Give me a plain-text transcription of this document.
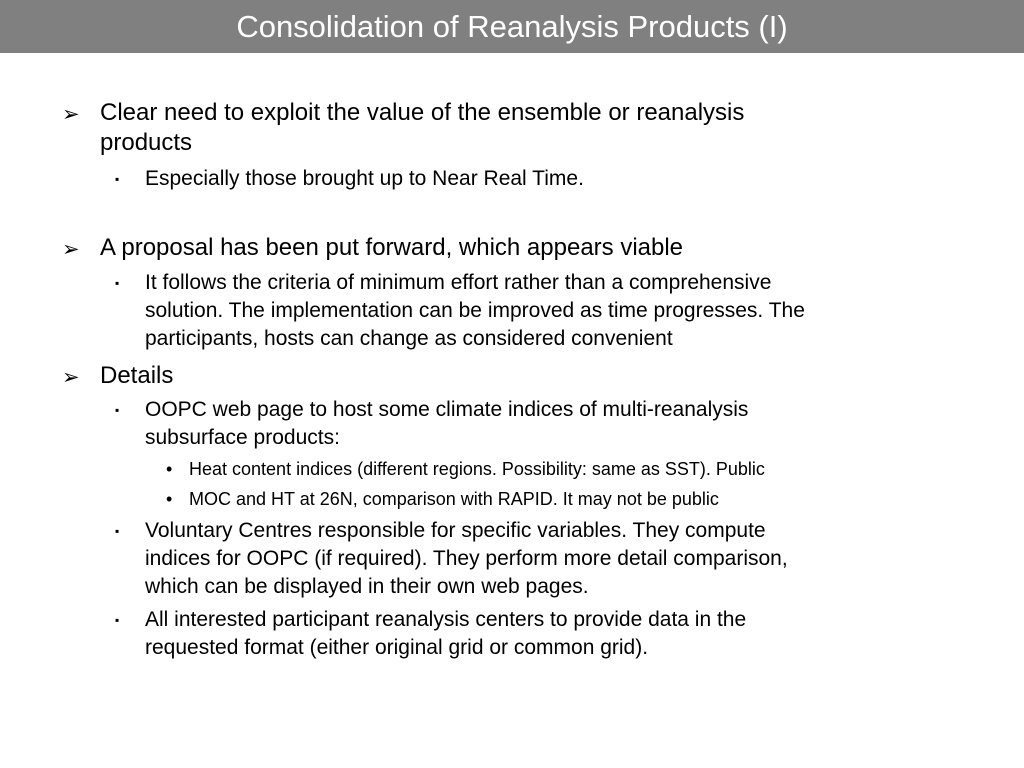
Consolidation of Reanalysis Products (I)
➢ Clear need to exploit the value of the ensemble or reanalysis

products

▪ Especially those brought up to Near Real Time.

➢ A proposal has been put forward, which appears viable

▪ It follows the criteria of minimum effort rather than a comprehensive

solution. The implementation can be improved as time progresses. The

participants, hosts can change as considered convenient

➢ Details

▪ OOPC web page to host some climate indices of multi-reanalysis

subsurface products:

• Heat content indices (different regions. Possibility: same as SST). Public

• MOC and HT at 26N, comparison with RAPID. It may not be public

▪ Voluntary Centres responsible for specific variables. They compute

indices for OOPC (if required). They perform more detail comparison,

which can be displayed in their own web pages.

▪ All interested participant reanalysis centers to provide data in the

requested format (either original grid or common grid).
